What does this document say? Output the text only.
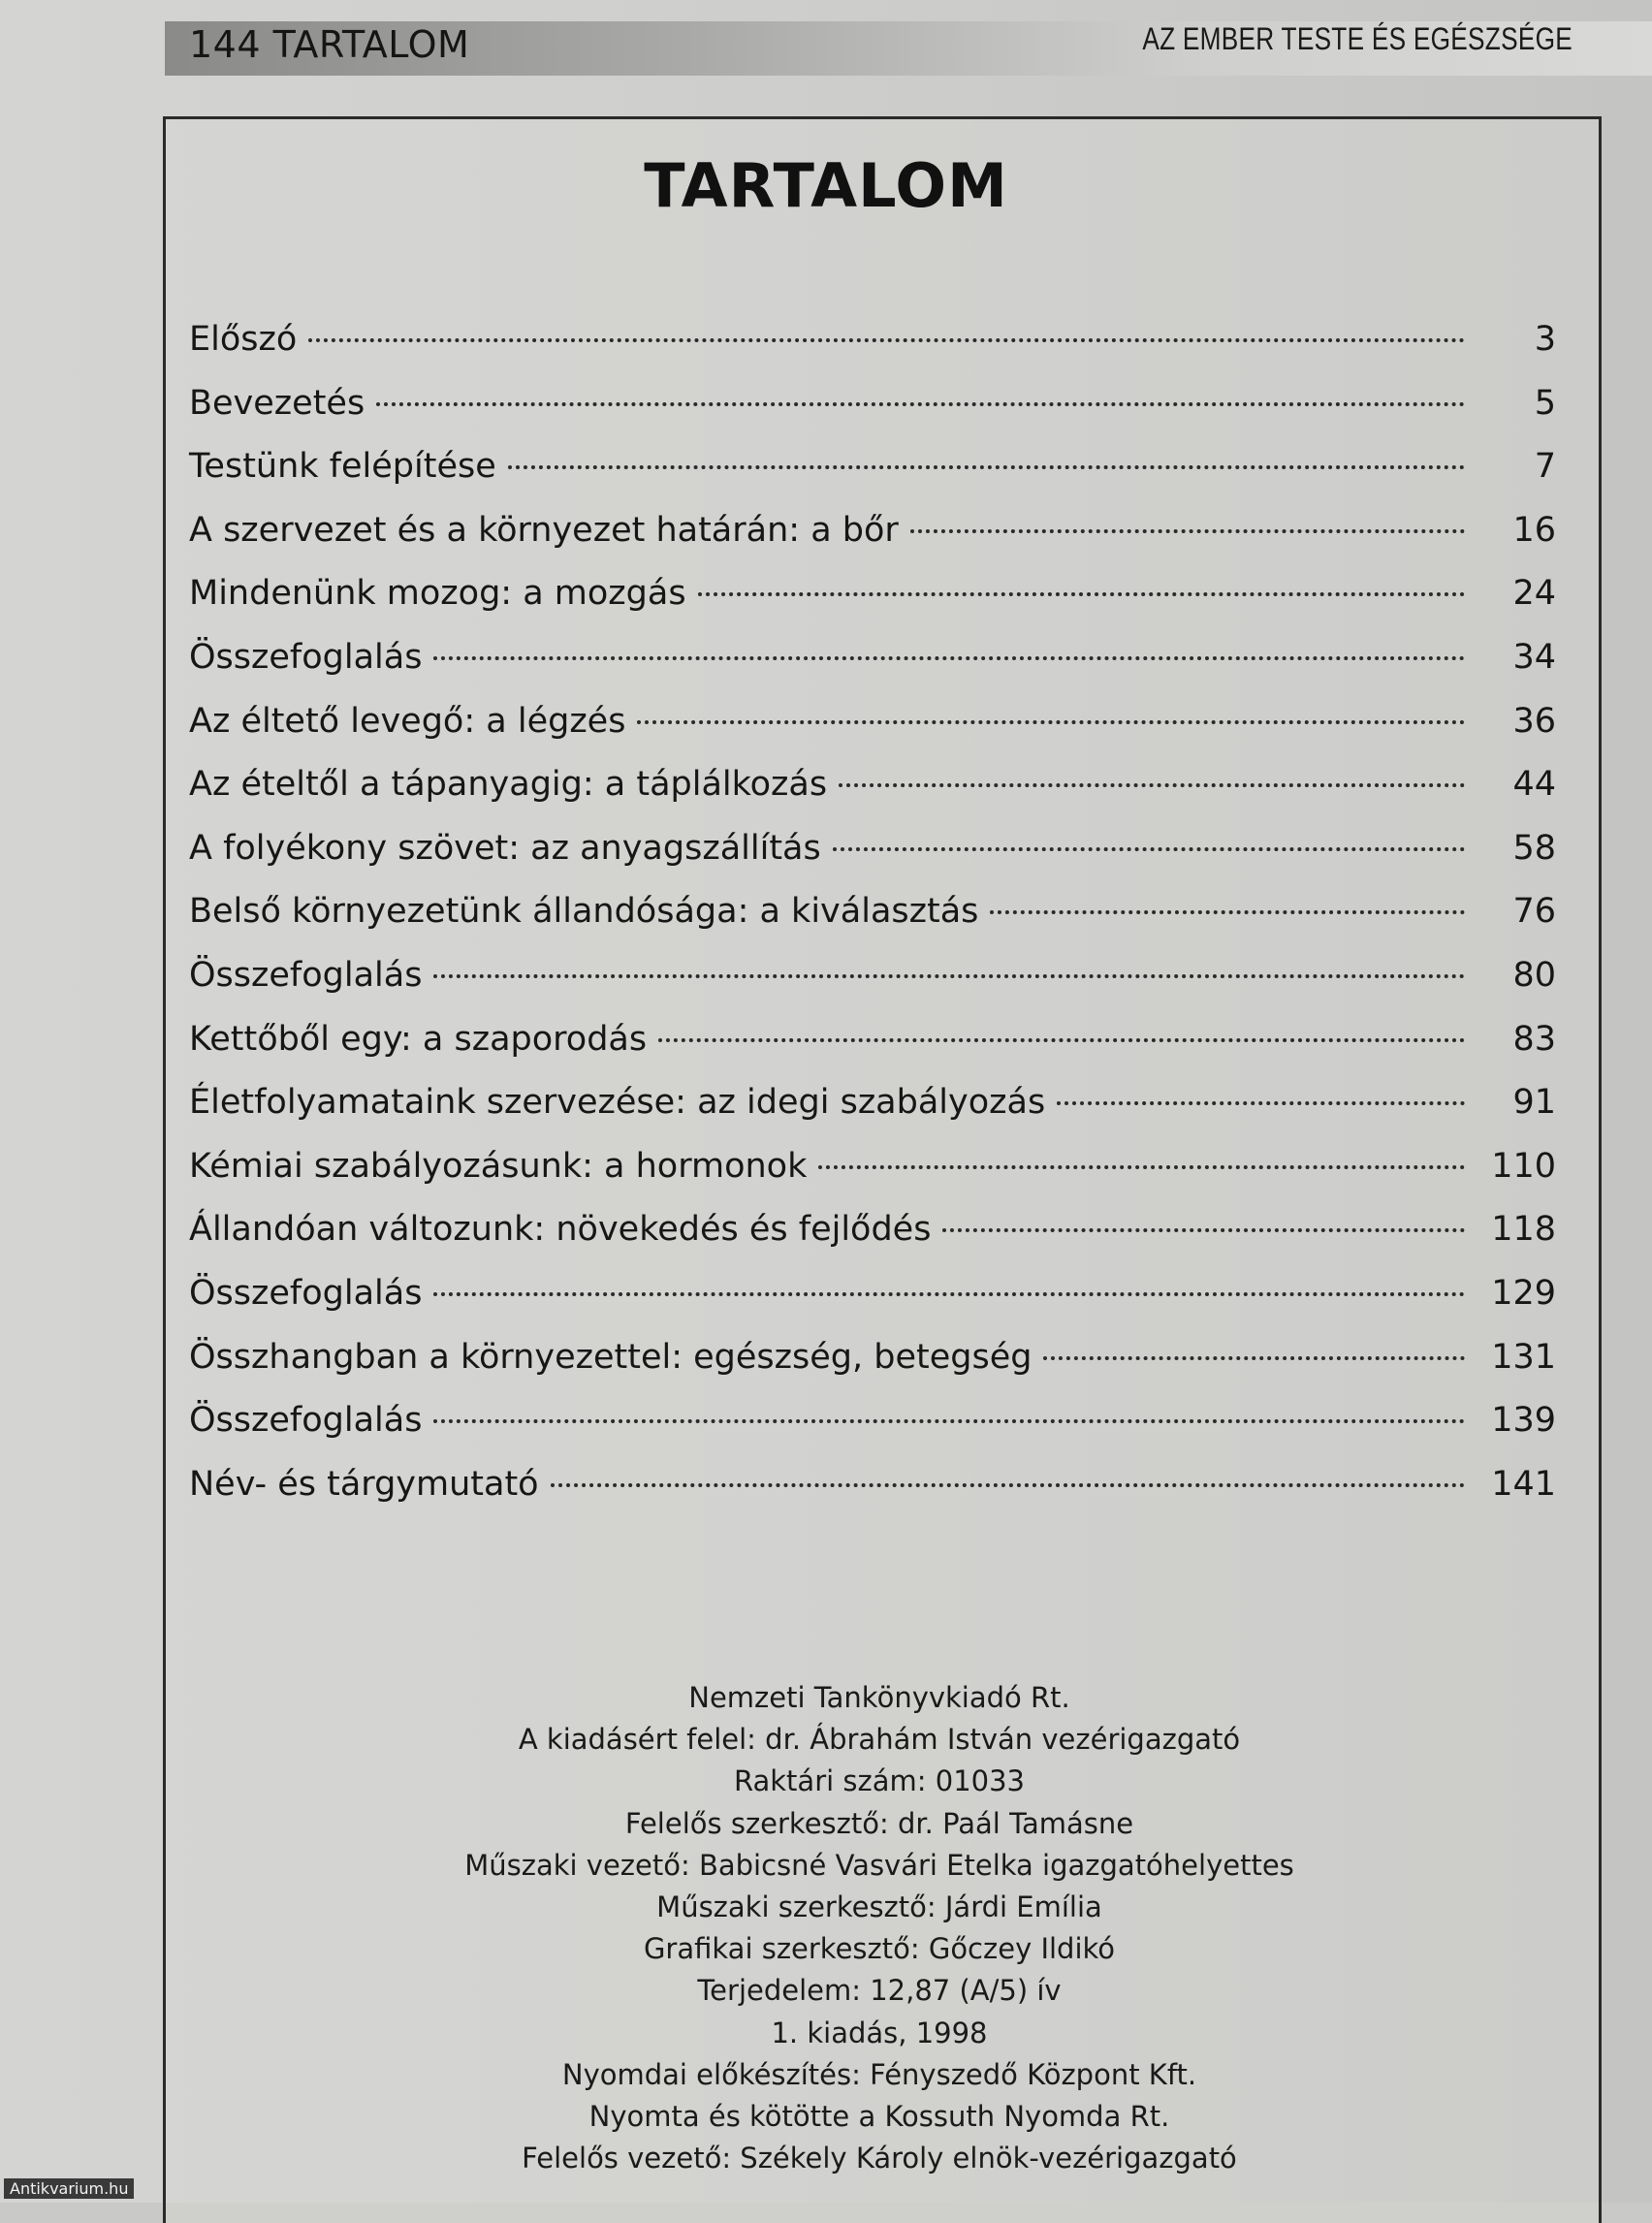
144 TARTALOM	AZ EMBER TESTE ÉS EGÉSZSÉGE
TARTALOM
Előszó	3
Bevezetés	5
Testünk felépítése	7
A szervezet és a környezet határán: a bőr	16
Mindenünk mozog: a mozgás	24
Összefoglalás	34
Az éltető levegő: a légzés	36
Az ételtől a tápanyagig: a táplálkozás	44
A folyékony szövet: az anyagszállítás	58
Belső környezetünk állandósága: a kiválasztás	76
Összefoglalás	80
Kettőből egy: a szaporodás	83
Életfolyamataink szervezése: az idegi szabályozás	91
Kémiai szabályozásunk: a hormonok	110
Állandóan változunk: növekedés és fejlődés	118
Összefoglalás	129
Összhangban a környezettel: egészség, betegség	131
Összefoglalás	139
Név- és tárgymutató	141
Nemzeti Tankönyvkiadó Rt.
A kiadásért felel: dr. Ábrahám István vezérigazgató
Raktári szám: 01033
Felelős szerkesztő: dr. Paál Tamásne
Műszaki vezető: Babicsné Vasvári Etelka igazgatóhelyettes
Műszaki szerkesztő: Járdi Emília
Grafikai szerkesztő: Gőczey Ildikó
Terjedelem: 12,87 (A/5) ív
1. kiadás, 1998
Nyomdai előkészítés: Fényszedő Központ Kft.
Nyomta és kötötte a Kossuth Nyomda Rt.
Felelős vezető: Székely Károly elnök-vezérigazgató
Antikvarium.hu
